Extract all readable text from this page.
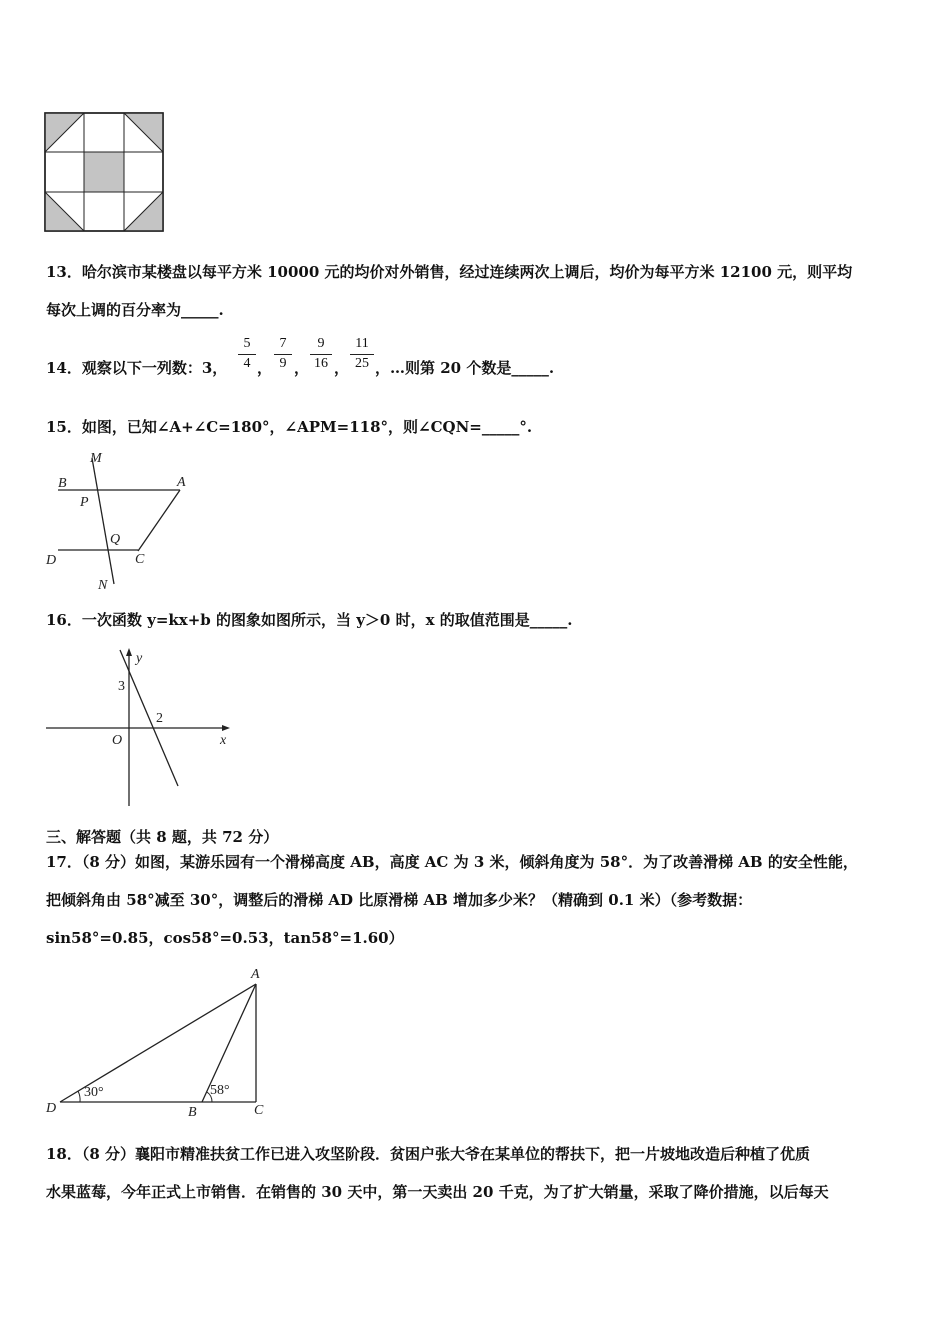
13．哈尔滨市某楼盘以每平方米 10000 元的均价对外销售，经过连续两次上调后，均价为每平方米 12100 元，则平均
每次上调的百分率为_____.
14．观察以下一列数：3，
5
4 ，
7
9 ，
9
16 ，
11
25 ，…则第 20 个数是_____.
15．如图，已知∠A+∠C=180°，∠APM=118°，则∠CQN=_____°.
B	A
M
P
Q
D	C
N
16．一次函数 y=kx+b 的图象如图所示，当 y＞0 时，x 的取值范围是_____.
y
x
O
3
2
三、解答题（共 8 题，共 72 分）
17．（8 分）如图，某游乐园有一个滑梯高度 AB，高度 AC 为 3 米，倾斜角度为 58°．为了改善滑梯 AB 的安全性能，
把倾斜角由 58°减至 30°，调整后的滑梯 AD 比原滑梯 AB 增加多少米？（精确到 0.1 米）（参考数据：
sin58°=0.85，cos58°=0.53，tan58°=1.60）
A
D	B	C
30°	58°
18．（8 分）襄阳市精准扶贫工作已进入攻坚阶段．贫困户张大爷在某单位的帮扶下，把一片坡地改造后种植了优质
水果蓝莓，今年正式上市销售．在销售的 30 天中，第一天卖出 20 千克，为了扩大销量，采取了降价措施，以后每天
